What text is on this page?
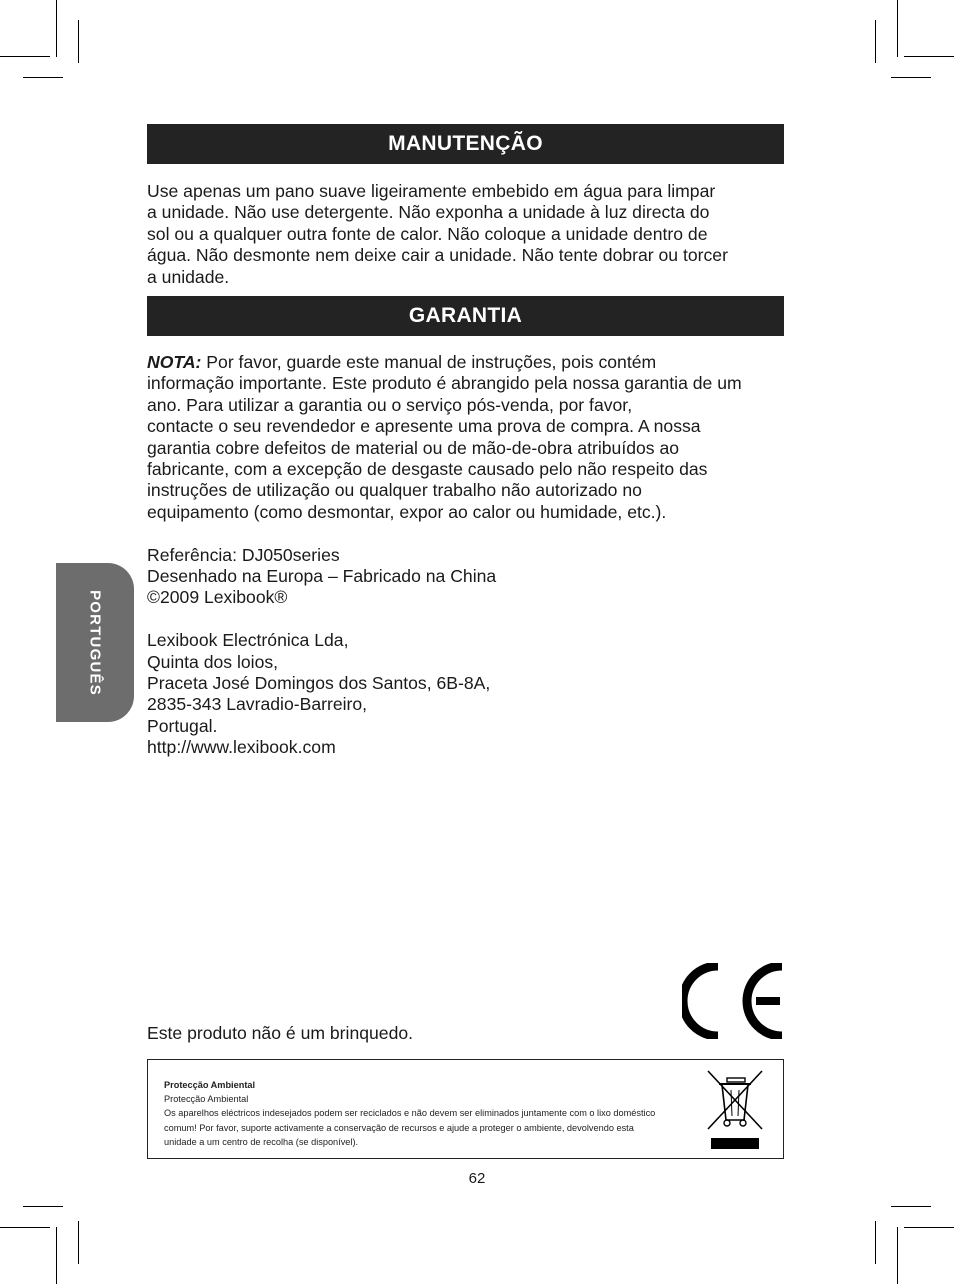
MANUTENÇÃO
Use apenas um pano suave ligeiramente embebido em água para limpar
a unidade. Não use detergente. Não exponha a unidade à luz directa do
sol ou a qualquer outra fonte de calor. Não coloque a unidade dentro de
água. Não desmonte nem deixe cair a unidade. Não tente dobrar ou torcer
a unidade.
GARANTIA
NOTA: Por favor, guarde este manual de instruções, pois contém
informação importante. Este produto é abrangido pela nossa garantia de um
ano. Para utilizar a garantia ou o serviço pós-venda, por favor,
contacte o seu revendedor e apresente uma prova de compra. A nossa
garantia cobre defeitos de material ou de mão-de-obra atribuídos ao
fabricante, com a excepção de desgaste causado pelo não respeito das
instruções de utilização ou qualquer trabalho não autorizado no
equipamento (como desmontar, expor ao calor ou humidade, etc.).
Referência: DJ050series
Desenhado na Europa – Fabricado na China
©2009 Lexibook®
Lexibook Electrónica Lda,
Quinta dos loios,
Praceta José Domingos dos Santos, 6B-8A,
2835-343 Lavradio-Barreiro,
Portugal.
http://www.lexibook.com
PORTUGUÊS
Este produto não é um brinquedo.
Protecção Ambiental
Protecção Ambiental
Os aparelhos eléctricos indesejados podem ser reciclados e não devem ser eliminados juntamente com o lixo doméstico
comum! Por favor, suporte activamente a conservação de recursos e ajude a proteger o ambiente, devolvendo esta
unidade a um centro de recolha (se disponível).
62
